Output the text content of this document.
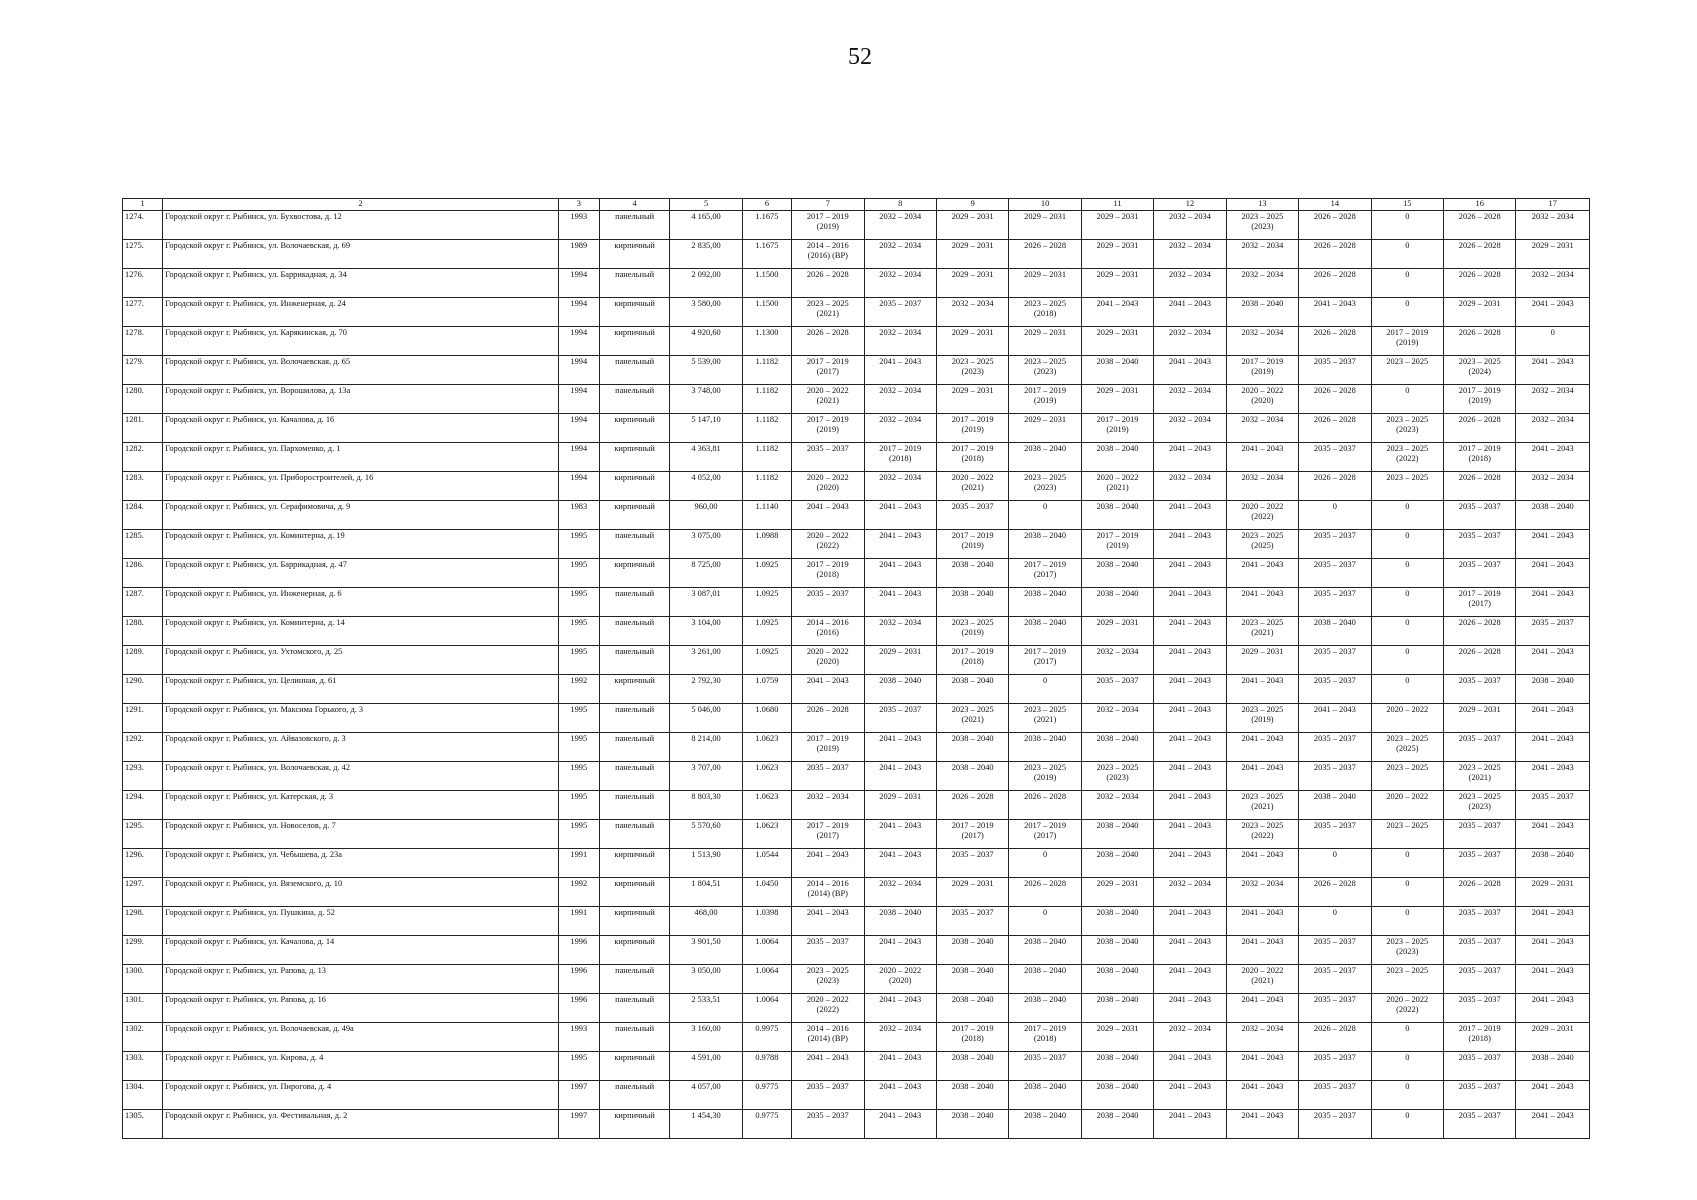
52
1	2	3	4	5	6	7	8	9	10	11	12	13	14	15	16	17

1274.	Городской округ г. Рыбинск, ул. Бухвостова, д. 12	1993	панельный	4 165,00	1.1675	2017 – 2019
(2019)	2032 – 2034	2029 – 2031	2029 – 2031	2029 – 2031	2032 – 2034	2023 – 2025
(2023)	2026 – 2028	0	2026 – 2028	2032 – 2034

1275.	Городской округ г. Рыбинск, ул. Волочаевская, д. 69	1989	кирпичный	2 835,00	1.1675	2014 – 2016
(2016) (ВР)	2032 – 2034	2029 – 2031	2026 – 2028	2029 – 2031	2032 – 2034	2032 – 2034	2026 – 2028	0	2026 – 2028	2029 – 2031

1276.	Городской округ г. Рыбинск, ул. Баррикадная, д. 34	1994	панельный	2 092,00	1.1500	2026 – 2028	2032 – 2034	2029 – 2031	2029 – 2031	2029 – 2031	2032 – 2034	2032 – 2034	2026 – 2028	0	2026 – 2028	2032 – 2034

1277.	Городской округ г. Рыбинск, ул. Инженерная, д. 24	1994	кирпичный	3 580,00	1.1500	2023 – 2025
(2021)	2035 – 2037	2032 – 2034	2023 – 2025
(2018)	2041 – 2043	2041 – 2043	2038 – 2040	2041 – 2043	0	2029 – 2031	2041 – 2043

1278.	Городской округ г. Рыбинск, ул. Карякинская, д. 70	1994	кирпичный	4 920,60	1.1300	2026 – 2028	2032 – 2034	2029 – 2031	2029 – 2031	2029 – 2031	2032 – 2034	2032 – 2034	2026 – 2028	2017 – 2019
(2019)	2026 – 2028	0

1279.	Городской округ г. Рыбинск, ул. Волочаевская, д. 65	1994	панельный	5 539,00	1.1182	2017 – 2019
(2017)	2041 – 2043	2023 – 2025
(2023)	2023 – 2025
(2023)	2038 – 2040	2041 – 2043	2017 – 2019
(2019)	2035 – 2037	2023 – 2025	2023 – 2025
(2024)	2041 – 2043

1280.	Городской округ г. Рыбинск, ул. Ворошилова, д. 13а	1994	панельный	3 748,00	1.1182	2020 – 2022
(2021)	2032 – 2034	2029 – 2031	2017 – 2019
(2019)	2029 – 2031	2032 – 2034	2020 – 2022
(2020)	2026 – 2028	0	2017 – 2019
(2019)	2032 – 2034

1281.	Городской округ г. Рыбинск, ул. Качалова, д. 16	1994	кирпичный	5 147,10	1.1182	2017 – 2019
(2019)	2032 – 2034	2017 – 2019
(2019)	2029 – 2031	2017 – 2019
(2019)	2032 – 2034	2032 – 2034	2026 – 2028	2023 – 2025
(2023)	2026 – 2028	2032 – 2034

1282.	Городской округ г. Рыбинск, ул. Пархоменко, д. 1	1994	кирпичный	4 363,81	1.1182	2035 – 2037	2017 – 2019
(2018)	2017 – 2019
(2018)	2038 – 2040	2038 – 2040	2041 – 2043	2041 – 2043	2035 – 2037	2023 – 2025
(2022)	2017 – 2019
(2018)	2041 – 2043

1283.	Городской округ г. Рыбинск, ул. Приборостроителей, д. 16	1994	кирпичный	4 052,00	1.1182	2020 – 2022
(2020)	2032 – 2034	2020 – 2022
(2021)	2023 – 2025
(2023)	2020 – 2022
(2021)	2032 – 2034	2032 – 2034	2026 – 2028	2023 – 2025	2026 – 2028	2032 – 2034

1284.	Городской округ г. Рыбинск, ул. Серафимовича, д. 9	1983	кирпичный	960,00	1.1140	2041 – 2043	2041 – 2043	2035 – 2037	0	2038 – 2040	2041 – 2043	2020 – 2022
(2022)	0	0	2035 – 2037	2038 – 2040

1285.	Городской округ г. Рыбинск, ул. Коминтерна, д. 19	1995	панельный	3 075,00	1.0988	2020 – 2022
(2022)	2041 – 2043	2017 – 2019
(2019)	2038 – 2040	2017 – 2019
(2019)	2041 – 2043	2023 – 2025
(2025)	2035 – 2037	0	2035 – 2037	2041 – 2043

1286.	Городской округ г. Рыбинск, ул. Баррикадная, д. 47	1995	кирпичный	8 725,00	1.0925	2017 – 2019
(2018)	2041 – 2043	2038 – 2040	2017 – 2019
(2017)	2038 – 2040	2041 – 2043	2041 – 2043	2035 – 2037	0	2035 – 2037	2041 – 2043

1287.	Городской округ г. Рыбинск, ул. Инженерная, д. 6	1995	панельный	3 087,01	1.0925	2035 – 2037	2041 – 2043	2038 – 2040	2038 – 2040	2038 – 2040	2041 – 2043	2041 – 2043	2035 – 2037	0	2017 – 2019
(2017)	2041 – 2043

1288.	Городской округ г. Рыбинск, ул. Коминтерна, д. 14	1995	панельный	3 104,00	1.0925	2014 – 2016
(2016)	2032 – 2034	2023 – 2025
(2019)	2038 – 2040	2029 – 2031	2041 – 2043	2023 – 2025
(2021)	2038 – 2040	0	2026 – 2028	2035 – 2037

1289.	Городской округ г. Рыбинск, ул. Ухтомского, д. 25	1995	панельный	3 261,00	1.0925	2020 – 2022
(2020)	2029 – 2031	2017 – 2019
(2018)	2017 – 2019
(2017)	2032 – 2034	2041 – 2043	2029 – 2031	2035 – 2037	0	2026 – 2028	2041 – 2043

1290.	Городской округ г. Рыбинск, ул. Целинная, д. 61	1992	кирпичный	2 792,30	1.0759	2041 – 2043	2038 – 2040	2038 – 2040	0	2035 – 2037	2041 – 2043	2041 – 2043	2035 – 2037	0	2035 – 2037	2038 – 2040

1291.	Городской округ г. Рыбинск, ул. Максима Горького, д. 3	1995	панельный	5 046,00	1.0680	2026 – 2028	2035 – 2037	2023 – 2025
(2021)	2023 – 2025
(2021)	2032 – 2034	2041 – 2043	2023 – 2025
(2019)	2041 – 2043	2020 – 2022	2029 – 2031	2041 – 2043

1292.	Городской округ г. Рыбинск, ул. Айвазовского, д. 3	1995	панельный	8 214,00	1.0623	2017 – 2019
(2019)	2041 – 2043	2038 – 2040	2038 – 2040	2038 – 2040	2041 – 2043	2041 – 2043	2035 – 2037	2023 – 2025
(2025)	2035 – 2037	2041 – 2043

1293.	Городской округ г. Рыбинск, ул. Волочаевская, д. 42	1995	панельный	3 707,00	1.0623	2035 – 2037	2041 – 2043	2038 – 2040	2023 – 2025
(2019)	2023 – 2025
(2023)	2041 – 2043	2041 – 2043	2035 – 2037	2023 – 2025	2023 – 2025
(2021)	2041 – 2043

1294.	Городской округ г. Рыбинск, ул. Катерская, д. 3	1995	панельный	8 803,30	1.0623	2032 – 2034	2029 – 2031	2026 – 2028	2026 – 2028	2032 – 2034	2041 – 2043	2023 – 2025
(2021)	2038 – 2040	2020 – 2022	2023 – 2025
(2023)	2035 – 2037

1295.	Городской округ г. Рыбинск, ул. Новоселов, д. 7	1995	панельный	5 570,60	1.0623	2017 – 2019
(2017)	2041 – 2043	2017 – 2019
(2017)	2017 – 2019
(2017)	2038 – 2040	2041 – 2043	2023 – 2025
(2022)	2035 – 2037	2023 – 2025	2035 – 2037	2041 – 2043

1296.	Городской округ г. Рыбинск, ул. Чебышева, д. 23а	1991	кирпичный	1 513,90	1.0544	2041 – 2043	2041 – 2043	2035 – 2037	0	2038 – 2040	2041 – 2043	2041 – 2043	0	0	2035 – 2037	2038 – 2040

1297.	Городской округ г. Рыбинск, ул. Вяземского, д. 10	1992	кирпичный	1 804,51	1.0450	2014 – 2016
(2014) (ВР)	2032 – 2034	2029 – 2031	2026 – 2028	2029 – 2031	2032 – 2034	2032 – 2034	2026 – 2028	0	2026 – 2028	2029 – 2031

1298.	Городской округ г. Рыбинск, ул. Пушкина, д. 52	1991	кирпичный	468,00	1.0398	2041 – 2043	2038 – 2040	2035 – 2037	0	2038 – 2040	2041 – 2043	2041 – 2043	0	0	2035 – 2037	2041 – 2043

1299.	Городской округ г. Рыбинск, ул. Качалова, д. 14	1996	кирпичный	3 901,50	1.0064	2035 – 2037	2041 – 2043	2038 – 2040	2038 – 2040	2038 – 2040	2041 – 2043	2041 – 2043	2035 – 2037	2023 – 2025
(2023)	2035 – 2037	2041 – 2043

1300.	Городской округ г. Рыбинск, ул. Рапова, д. 13	1996	панельный	3 050,00	1.0064	2023 – 2025
(2023)	2020 – 2022
(2020)	2038 – 2040	2038 – 2040	2038 – 2040	2041 – 2043	2020 – 2022
(2021)	2035 – 2037	2023 – 2025	2035 – 2037	2041 – 2043

1301.	Городской округ г. Рыбинск, ул. Рапова, д. 16	1996	панельный	2 533,51	1.0064	2020 – 2022
(2022)	2041 – 2043	2038 – 2040	2038 – 2040	2038 – 2040	2041 – 2043	2041 – 2043	2035 – 2037	2020 – 2022
(2022)	2035 – 2037	2041 – 2043

1302.	Городской округ г. Рыбинск, ул. Волочаевская, д. 49а	1993	панельный	3 160,00	0.9975	2014 – 2016
(2014) (ВР)	2032 – 2034	2017 – 2019
(2018)	2017 – 2019
(2018)	2029 – 2031	2032 – 2034	2032 – 2034	2026 – 2028	0	2017 – 2019
(2018)	2029 – 2031

1303.	Городской округ г. Рыбинск, ул. Кирова, д. 4	1995	кирпичный	4 591,00	0.9788	2041 – 2043	2041 – 2043	2038 – 2040	2035 – 2037	2038 – 2040	2041 – 2043	2041 – 2043	2035 – 2037	0	2035 – 2037	2038 – 2040

1304.	Городской округ г. Рыбинск, ул. Пирогова, д. 4	1997	панельный	4 057,00	0.9775	2035 – 2037	2041 – 2043	2038 – 2040	2038 – 2040	2038 – 2040	2041 – 2043	2041 – 2043	2035 – 2037	0	2035 – 2037	2041 – 2043

1305.	Городской округ г. Рыбинск, ул. Фестивальная, д. 2	1997	кирпичный	1 454,30	0.9775	2035 – 2037	2041 – 2043	2038 – 2040	2038 – 2040	2038 – 2040	2041 – 2043	2041 – 2043	2035 – 2037	0	2035 – 2037	2041 – 2043
